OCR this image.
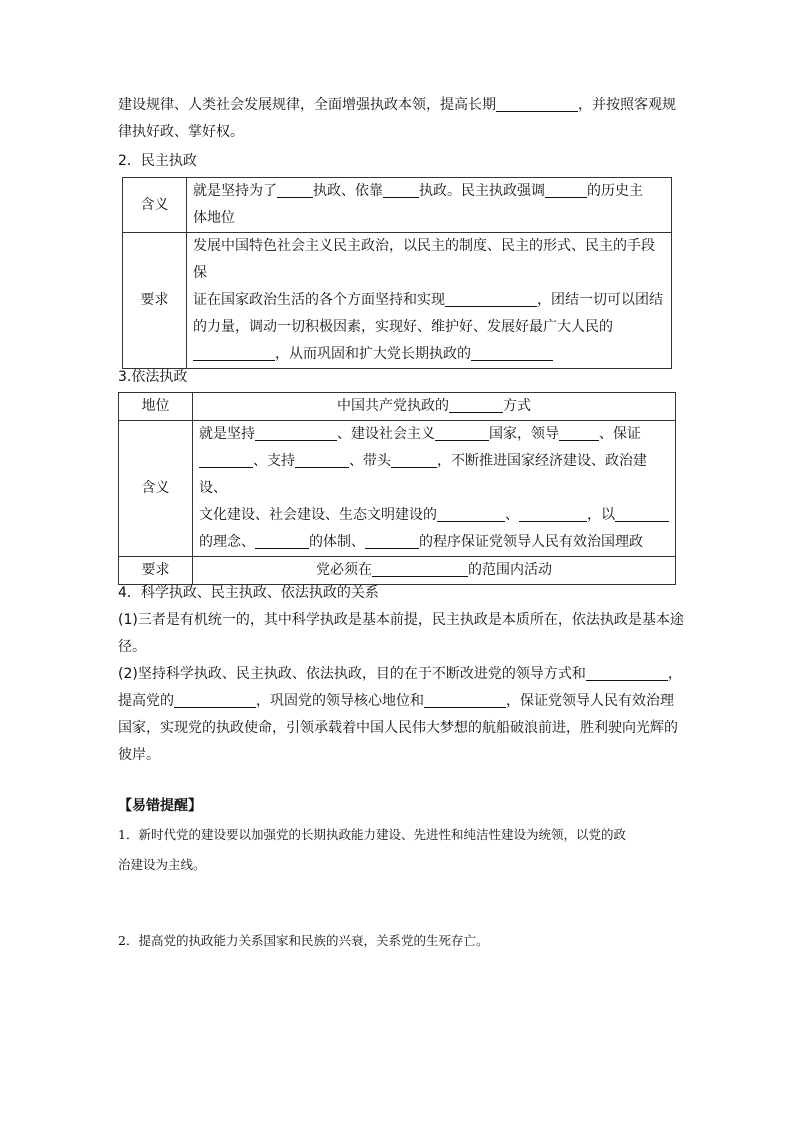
建设规律、人类社会发展规律，全面增强执政本领，提高长期	，并按照客观规

律执好政、掌好权。

2．民主执政

含义	就是坚持为了 执政、依靠 执政。民主执政强调 的历史主
体地位
要求	发展中国特色社会主义民主政治，以民主的制度、民主的形式、民主的手段保
证在国家政治生活的各个方面坚持和实现 ，团结一切可以团结
的力量，调动一切积极因素，实现好、维护好、发展好最广大人民的
，从而巩固和扩大党长期执政的

3.依法执政

地位	中国共产党执政的 方式
含义	就是坚持 、建设社会主义 国家，领导 、保证
、支持 、带头 ，不断推进国家经济建设、政治建设、
文化建设、社会建设、生态文明建设的 、 ，以
的理念、 的体制、 的程序保证党领导人民有效治国理政
要求	党必须在 的范围内活动

4．科学执政、民主执政、依法执政的关系

(1)三者是有机统一的，其中科学执政是基本前提，民主执政是本质所在，依法执政是基本途

径。

(2)坚持科学执政、民主执政、依法执政，目的在于不断改进党的领导方式和	，

提高党的	，巩固党的领导核心地位和	，保证党领导人民有效治理

国家，实现党的执政使命，引领承载着中国人民伟大梦想的航船破浪前进，胜利驶向光辉的

彼岸。

【易错提醒】

1．新时代党的建设要以加强党的长期执政能力建设、先进性和纯洁性建设为统领，以党的政

治建设为主线。

2．提高党的执政能力关系国家和民族的兴衰，关系党的生死存亡。
